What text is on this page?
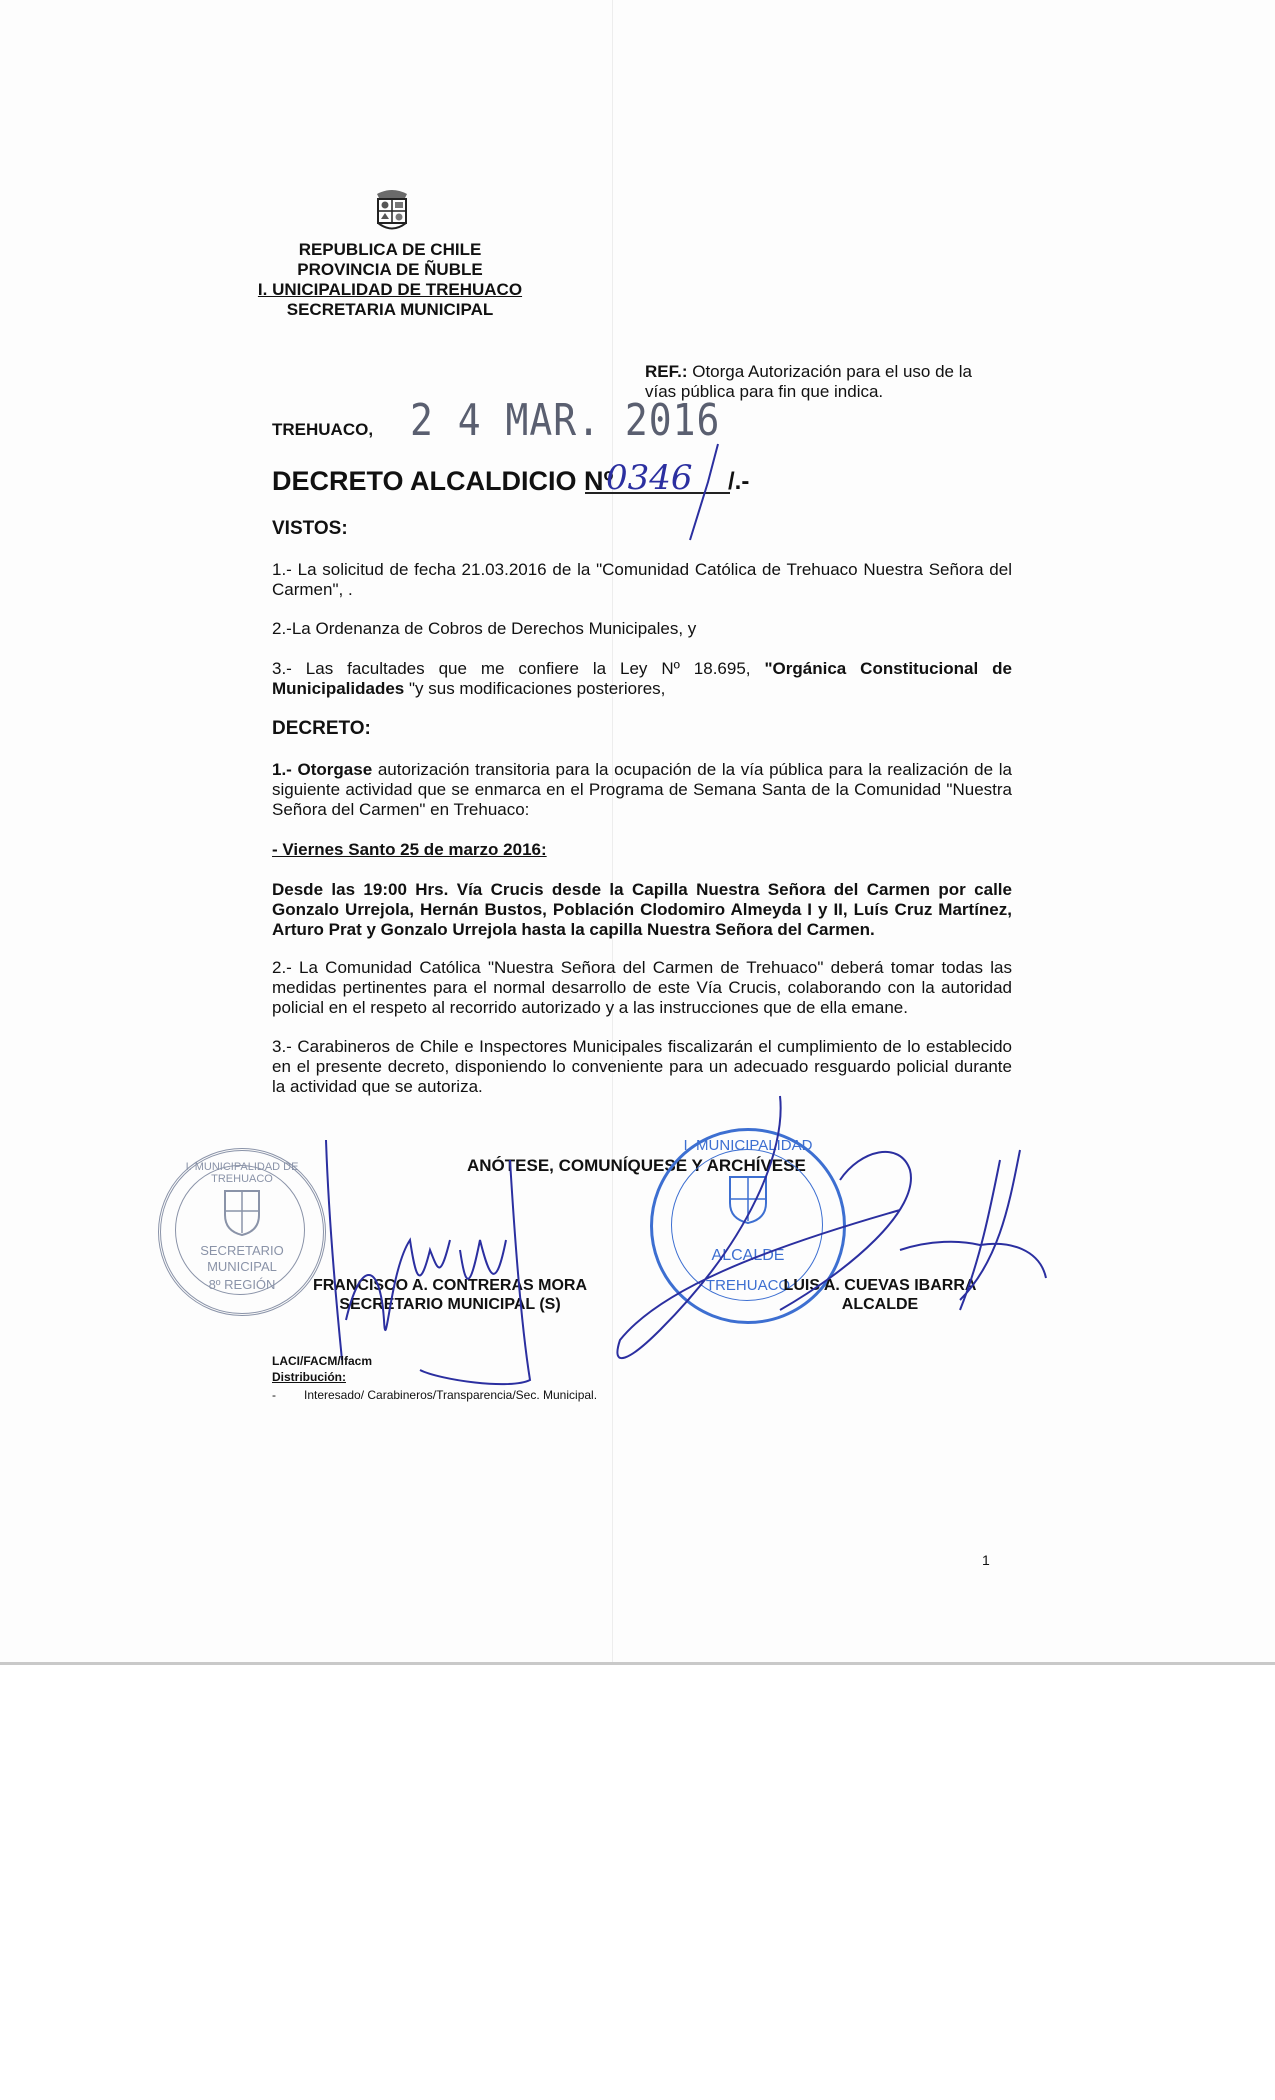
REPUBLICA DE CHILE
PROVINCIA DE ÑUBLE
I. UNICIPALIDAD DE TREHUACO
SECRETARIA MUNICIPAL
REF.: Otorga Autorización para el uso de la vías pública para fin que indica.
TREHUACO, 2 4 MAR. 2016
DECRETO ALCALDICIO Nº
0346 /.-
VISTOS:
1.- La solicitud de fecha 21.03.2016 de la "Comunidad Católica de Trehuaco Nuestra Señora del Carmen", .
2.-La Ordenanza de Cobros de Derechos Municipales, y
3.- Las facultades que me confiere la Ley Nº 18.695, "Orgánica Constitucional de Municipalidades "y sus modificaciones posteriores,
DECRETO:
1.- Otorgase autorización transitoria para la ocupación de la vía pública para la realización de la siguiente actividad que se enmarca en el Programa de Semana Santa de la Comunidad "Nuestra Señora del Carmen" en Trehuaco:
- Viernes Santo 25 de marzo 2016:
Desde las 19:00 Hrs. Vía Crucis desde la Capilla Nuestra Señora del Carmen por calle Gonzalo Urrejola, Hernán Bustos, Población Clodomiro Almeyda I y II, Luís Cruz Martínez, Arturo Prat y Gonzalo Urrejola hasta la capilla Nuestra Señora del Carmen.
2.- La Comunidad Católica "Nuestra Señora del Carmen de Trehuaco" deberá tomar todas las medidas pertinentes para el normal desarrollo de este Vía Crucis, colaborando con la autoridad policial en el respeto al recorrido autorizado y a las instrucciones que de ella emane.
3.- Carabineros de Chile e Inspectores Municipales fiscalizarán el cumplimiento de lo establecido en el presente decreto, disponiendo lo conveniente para un adecuado resguardo policial durante la actividad que se autoriza.
ANÓTESE, COMUNÍQUESE Y ARCHÍVESE
I. MUNICIPALIDAD DE TREHUACO
SECRETARIO
MUNICIPAL
8º REGIÓN
I. MUNICIPALIDAD
ALCALDE
TREHUACO
FRANCISCO A. CONTRERAS MORA
SECRETARIO MUNICIPAL (S)
LUIS A. CUEVAS IBARRA
ALCALDE
LACI/FACM/lfacm
Distribución:
- Interesado/ Carabineros/Transparencia/Sec. Municipal.
1
